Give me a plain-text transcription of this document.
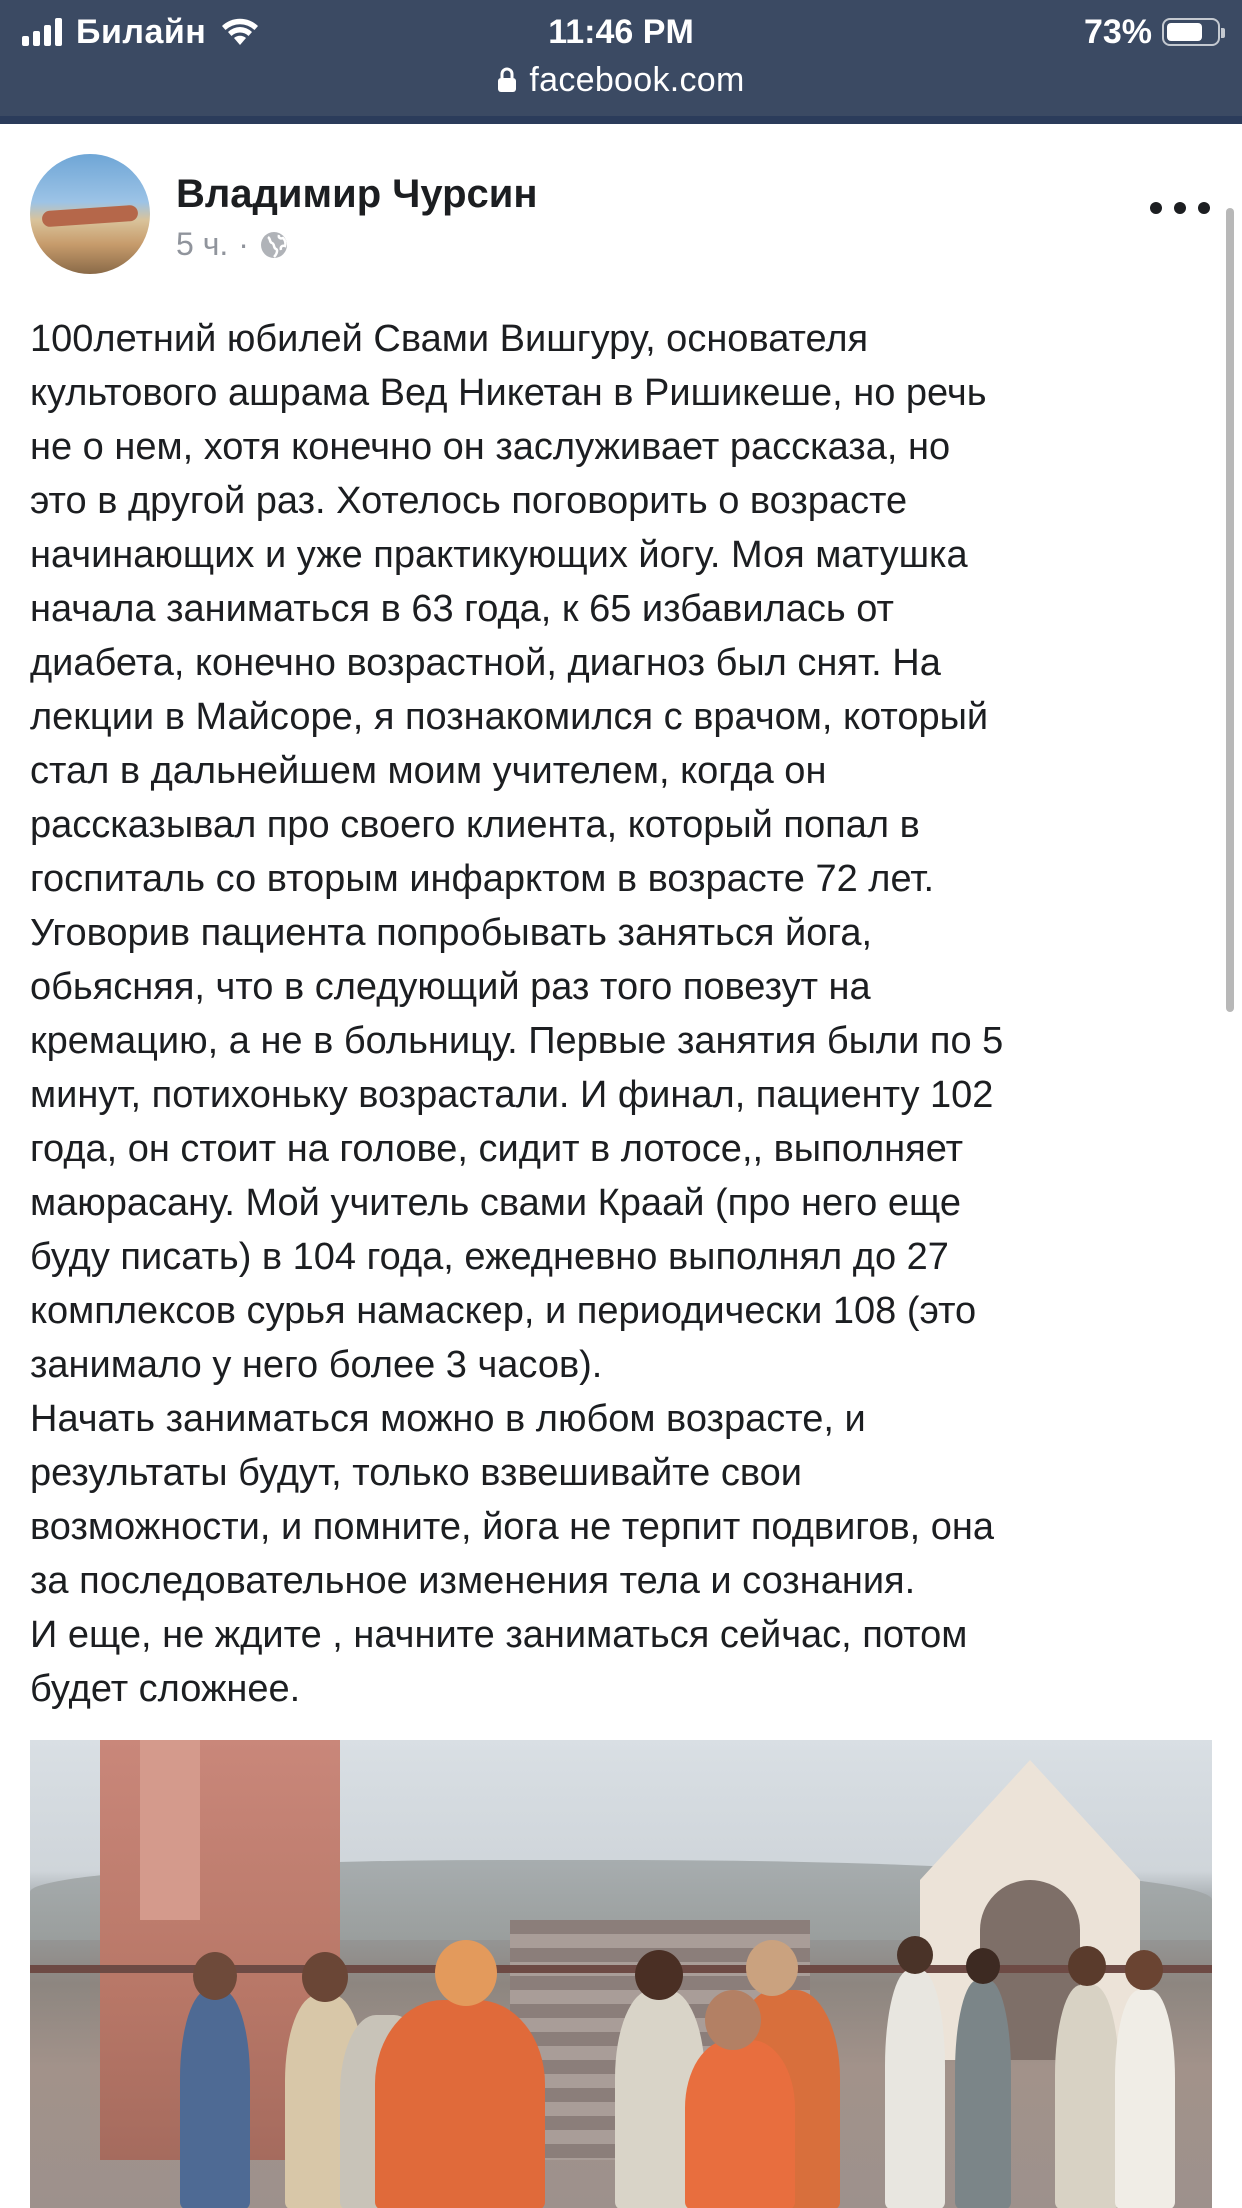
Билайн	11:46 PM	73%
facebook.com
Владимир Чурсин
5 ч. ·
100летний юбилей Свами Вишгуру, основателя
культового ашрама Вед Никетан в Ришикеше, но речь
не о нем, хотя конечно он заслуживает рассказа, но
это в другой раз. Хотелось поговорить о возрасте
начинающих и уже практикующих йогу. Моя матушка
начала заниматься в 63 года, к 65 избавилась от
диабета, конечно возрастной, диагноз был снят. На
лекции в Майсоре, я познакомился с врачом, который
стал в дальнейшем моим учителем, когда он
рассказывал про своего клиента, который попал в
госпиталь со вторым инфарктом в возрасте 72 лет.
Уговорив пациента попробывать заняться йога,
обьясняя, что в следующий раз того повезут на
кремацию, а не в больницу. Первые занятия были по 5
минут, потихоньку возрастали. И финал, пациенту 102
года, он стоит на голове, сидит в лотосе,, выполняет
маюрасану. Мой учитель свами Краай (про него еще
буду писать) в 104 года, ежедневно выполнял до 27
комплексов сурья намаскер, и периодически 108 (это
занимало у него более 3 часов).
Начать заниматься можно в любом возрасте, и
результаты будут, только взвешивайте свои
возможности, и помните, йога не терпит подвигов, она
за последовательное изменения тела и сознания.
И еще, не ждите , начните заниматься сейчас, потом
будет сложнее.
